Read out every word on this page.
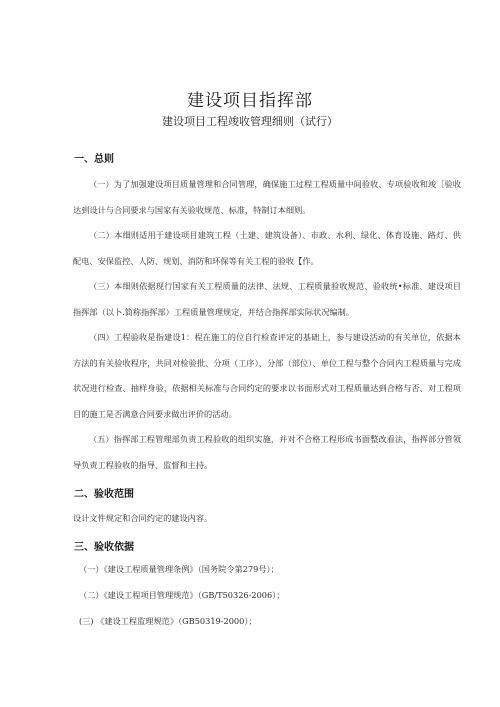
建设项目指挥部
建设项目工程竣收管理细则（试行）
一、总则
（一）为了加强建设项目质量管理和合同管理，确保施工过程工程质量中间验收、专项验收和竣［验收达到设计与合同要求与国家有关验收规范、标准，特制订本细则。
（二）本细则适用于建设项目建筑工程（土建、建筑设备）、市政、水利、绿化、体育设施、路灯、供配电、安保监控、人防、规划、消防和环保等有关工程的验收【作。
（三）本细则依据现行国家有关工程质量的法律、法规、工程质量验收规范、验收统•标准、建设项目指挥部（以卜.简称指挥部）工程质量管理规定，并结合指挥部实际状况编制。
（四）工程验收是指建设1：程在施工的位自行检查评定的基础上，参与建设活动的有关单位，依据本方法的有关验收程序，共同对检验批、分项（工序）、分部（部位）、单位工程与整个合同内工程质量与完成状况进行检查、抽样身验，依据相关标准与合同约定的要求以书面形式对工程质量达到合格与否、对工程项目的施工是否满意合同要求做出评价的活动。
（五）指挥部工程管理部负责工程验收的组织实施，并对不合格工程形成书面整改看法，指挥部分管领导负责工程验收的指导、监督和主持。
二、验收范围
设计文件规定和合同约定的建设内容。
三、验收依据
（一）《建设工程质量管理条例》（国务院令第279号）；
（二）《建设工程项目管理规范》（GB/T50326-2006）；
(三) 《建设工程监理规范》（GB50319-2000）；
